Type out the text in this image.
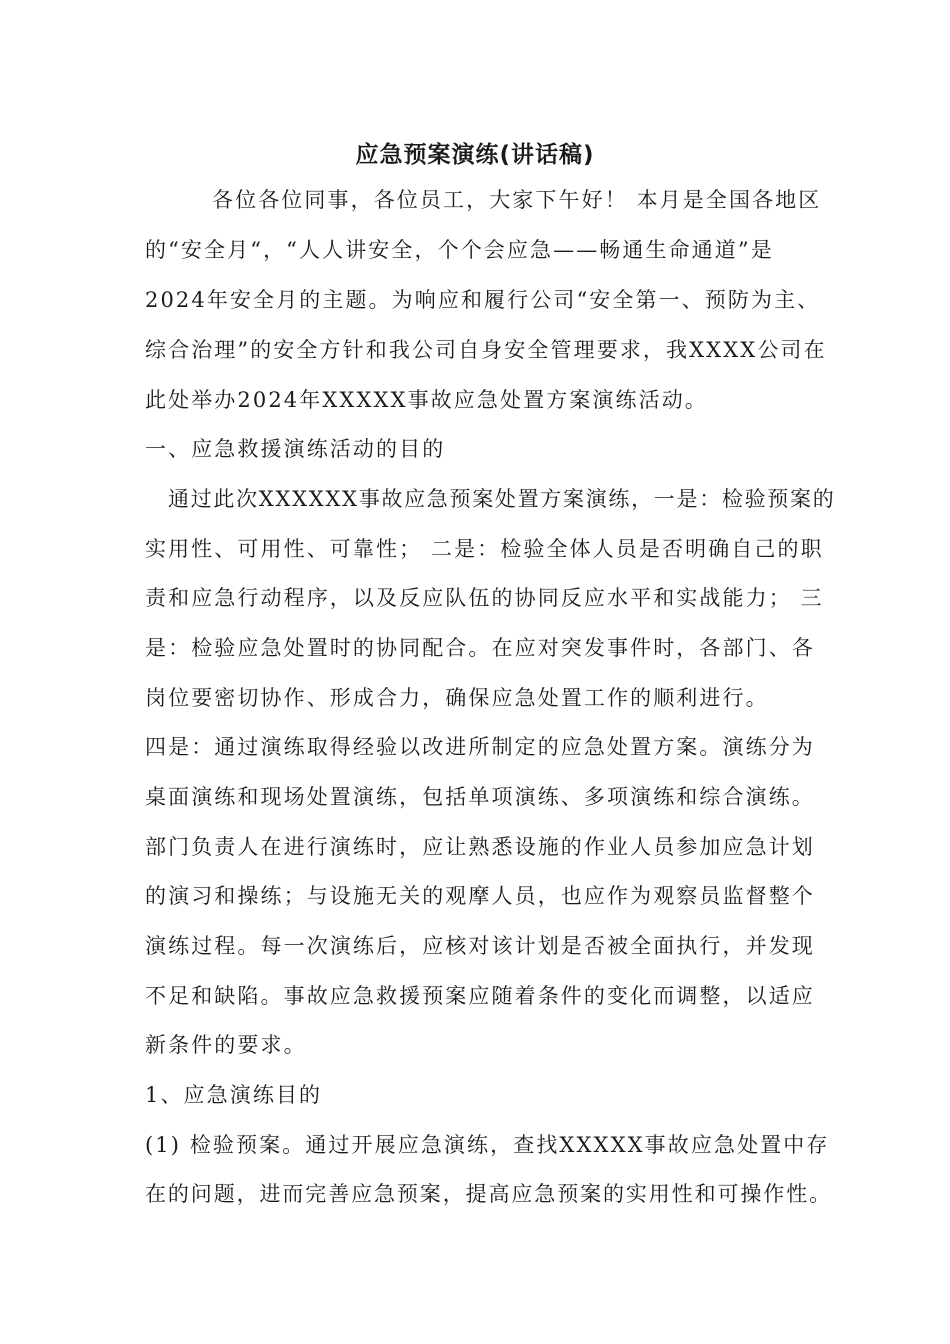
应急预案演练(讲话稿)
各位各位同事，各位员工，大家下午好！ 本月是全国各地区
的“安全月“，“人人讲安全，个个会应急——畅通生命通道”是
2024年安全月的主题。为响应和履行公司“安全第一、预防为主、
综合治理”的安全方针和我公司自身安全管理要求，我XXXX公司在
此处举办2024年XXXXX事故应急处置方案演练活动。
一、应急救援演练活动的目的
通过此次XXXXXX事故应急预案处置方案演练，一是：检验预案的
实用性、可用性、可靠性； 二是：检验全体人员是否明确自己的职
责和应急行动程序，以及反应队伍的协同反应水平和实战能力； 三
是：检验应急处置时的协同配合。在应对突发事件时，各部门、各
岗位要密切协作、形成合力，确保应急处置工作的顺利进行。
四是：通过演练取得经验以改进所制定的应急处置方案。演练分为
桌面演练和现场处置演练，包括单项演练、多项演练和综合演练。
部门负责人在进行演练时，应让熟悉设施的作业人员参加应急计划
的演习和操练；与设施无关的观摩人员，也应作为观察员监督整个
演练过程。每一次演练后，应核对该计划是否被全面执行，并发现
不足和缺陷。事故应急救援预案应随着条件的变化而调整，以适应
新条件的要求。
1、应急演练目的
(1) 检验预案。通过开展应急演练，查找XXXXX事故应急处置中存
在的问题，进而完善应急预案，提高应急预案的实用性和可操作性。
